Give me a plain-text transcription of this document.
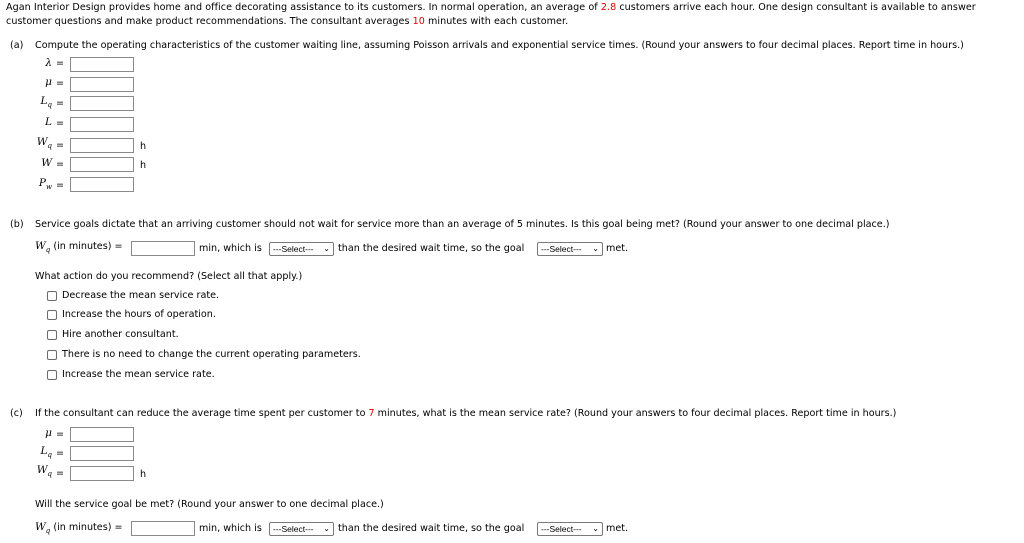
Agan Interior Design provides home and office decorating assistance to its customers. In normal operation, an average of 2.8 customers arrive each hour. One design consultant is available to answer customer questions and make product recommendations. The consultant averages 10 minutes with each customer.
(a) Compute the operating characteristics of the customer waiting line, assuming Poisson arrivals and exponential service times. (Round your answers to four decimal places. Report time in hours.)
λ =
μ =
$L_q$ =
L =
$W_q$ =	h
W =	h
$P_w$ =
(b) Service goals dictate that an arriving customer should not wait for service more than an average of 5 minutes. Is this goal being met? (Round your answer to one decimal place.)
$W_q$ (in minutes) =	min, which is	---Select--- ⌄ than the desired wait time, so the goal	---Select--- ⌄ met.
What action do you recommend? (Select all that apply.)
Decrease the mean service rate.
Increase the hours of operation.
Hire another consultant.
There is no need to change the current operating parameters.
Increase the mean service rate.
(c) If the consultant can reduce the average time spent per customer to 7 minutes, what is the mean service rate? (Round your answers to four decimal places. Report time in hours.)
μ =
$L_q$ =
$W_q$ =	h
Will the service goal be met? (Round your answer to one decimal place.)
$W_q$ (in minutes) =	min, which is	---Select--- ⌄ than the desired wait time, so the goal	---Select--- ⌄ met.
